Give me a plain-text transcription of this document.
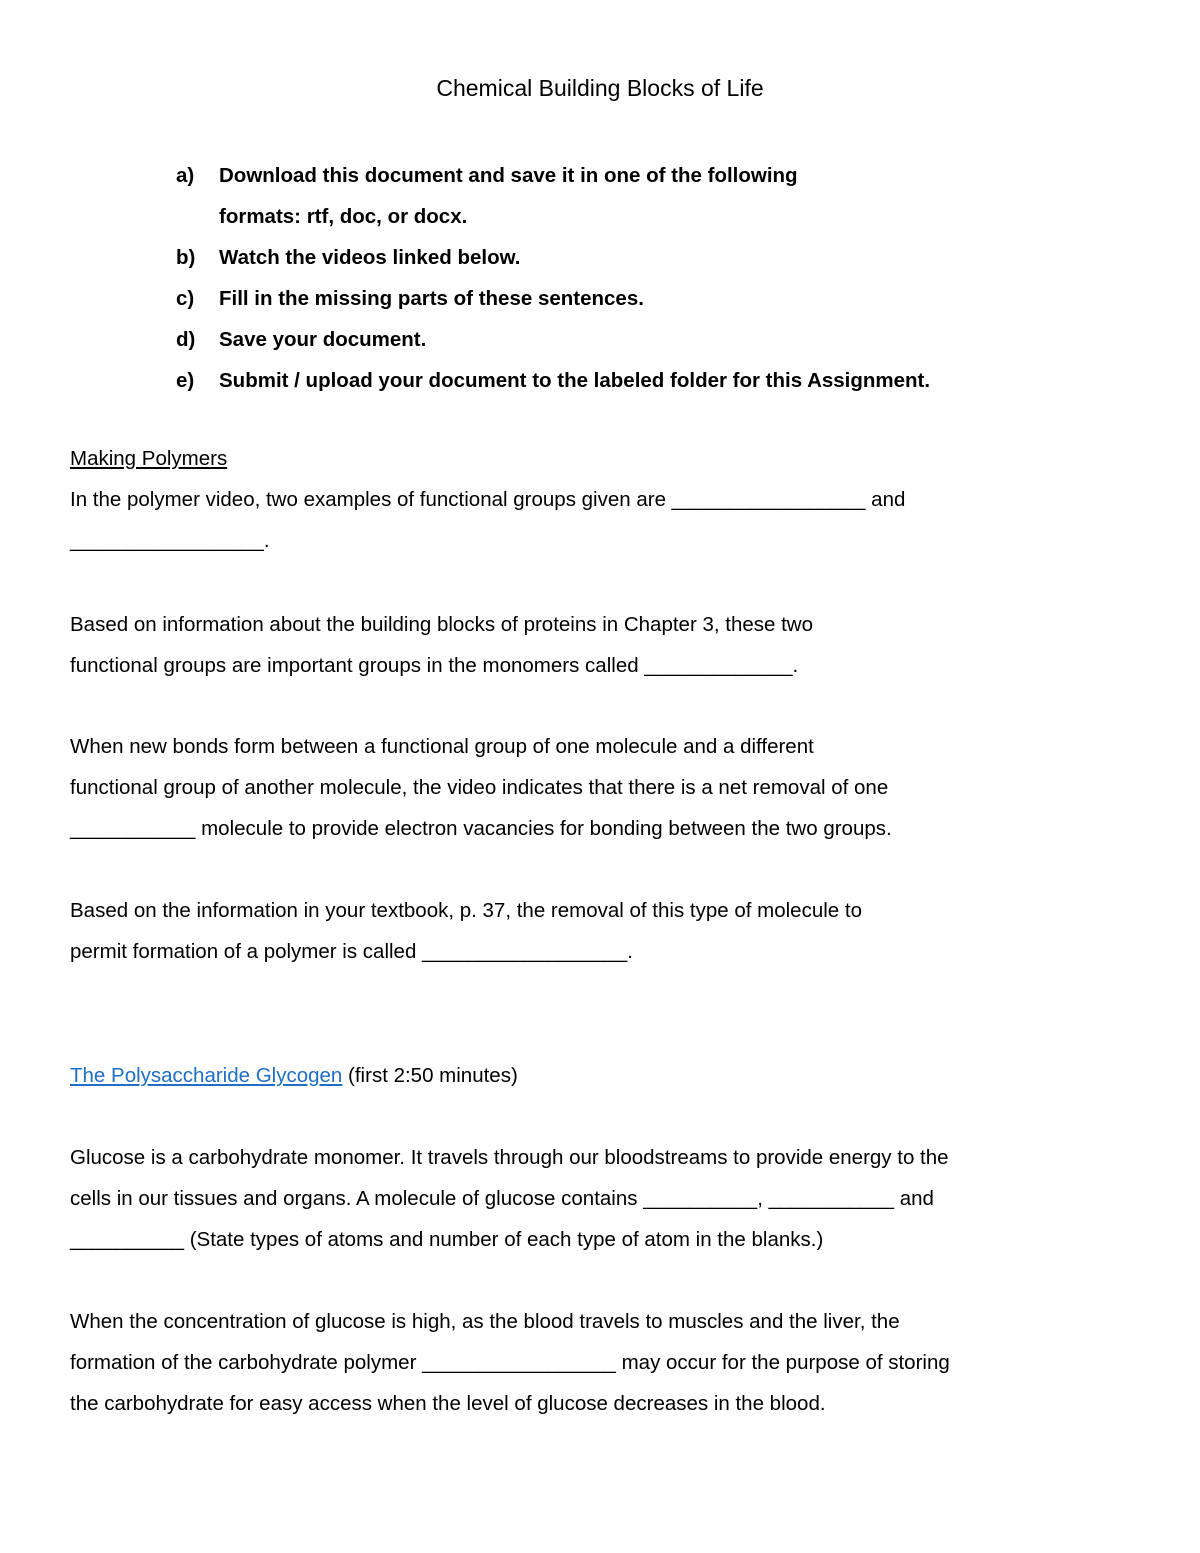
Chemical Building Blocks of Life
a)	Download this document and save it in one of the following
formats: rtf, doc, or docx.
b)	Watch the videos linked below.
c)	Fill in the missing parts of these sentences.
d)	Save your document.
e)	Submit / upload your document to the labeled folder for this Assignment.

Making Polymers

In the polymer video, two examples of functional groups given are _________________ and
_________________.

Based on information about the building blocks of proteins in Chapter 3, these two
functional groups are important groups in the monomers called _____________.
When new bonds form between a functional group of one molecule and a different
functional group of another molecule, the video indicates that there is a net removal of one
___________ molecule to provide electron vacancies for bonding between the two groups.
Based on the information in your textbook, p. 37, the removal of this type of molecule to
permit formation of a polymer is called __________________.
The Polysaccharide Glycogen (first 2:50 minutes)
Glucose is a carbohydrate monomer. It travels through our bloodstreams to provide energy to the
cells in our tissues and organs. A molecule of glucose contains __________, ___________ and
__________ (State types of atoms and number of each type of atom in the blanks.)
When the concentration of glucose is high, as the blood travels to muscles and the liver, the
formation of the carbohydrate polymer _________________ may occur for the purpose of storing
the carbohydrate for easy access when the level of glucose decreases in the blood.
